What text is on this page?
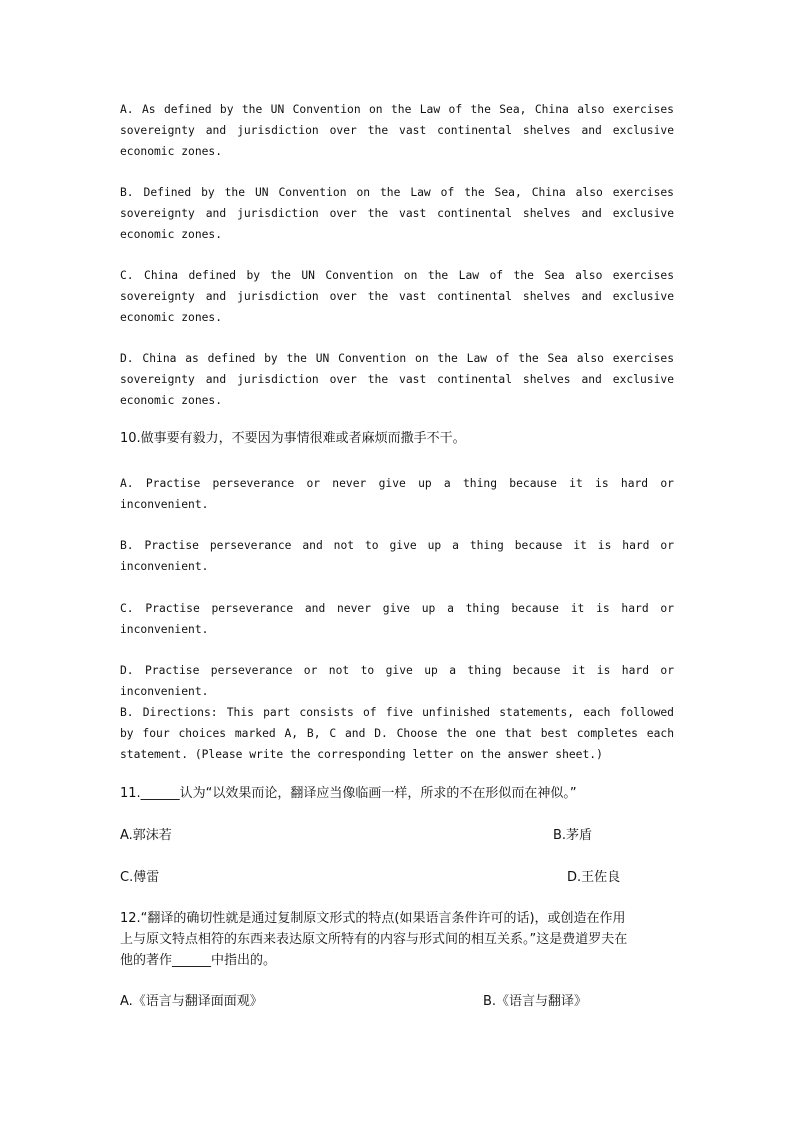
A. As defined by the UN Convention on the Law of the Sea, China also exercises
sovereignty and jurisdiction over the vast continental shelves and exclusive
economic zones.
B. Defined by the UN Convention on the Law of the Sea, China also exercises
sovereignty and jurisdiction over the vast continental shelves and exclusive
economic zones.
C. China defined by the UN Convention on the Law of the Sea also exercises
sovereignty and jurisdiction over the vast continental shelves and exclusive
economic zones.
D. China as defined by the UN Convention on the Law of the Sea also exercises
sovereignty and jurisdiction over the vast continental shelves and exclusive
economic zones.

10.做事要有毅力，不要因为事情很难或者麻烦而撒手不干。

A. Practise perseverance or never give up a thing because it is hard or
inconvenient.
B. Practise perseverance and not to give up a thing because it is hard or
inconvenient.
C. Practise perseverance and never give up a thing because it is hard or
inconvenient.
D. Practise perseverance or not to give up a thing because it is hard or
inconvenient.
B. Directions: This part consists of five unfinished statements, each followed
by four choices marked A, B, C and D. Choose the one that best completes each
statement. (Please write the corresponding letter on the answer sheet.)

11.______认为“以效果而论，翻译应当像临画一样，所求的不在形似而在神似。”

A.郭沫若	B.茅盾

C.傅雷	D.王佐良

12.“翻译的确切性就是通过复制原文形式的特点(如果语言条件许可的话)，或创造在作用

上与原文特点相符的东西来表达原文所特有的内容与形式间的相互关系。”这是费道罗夫在

他的著作______中指出的。

A.《语言与翻译面面观》	B.《语言与翻译》
